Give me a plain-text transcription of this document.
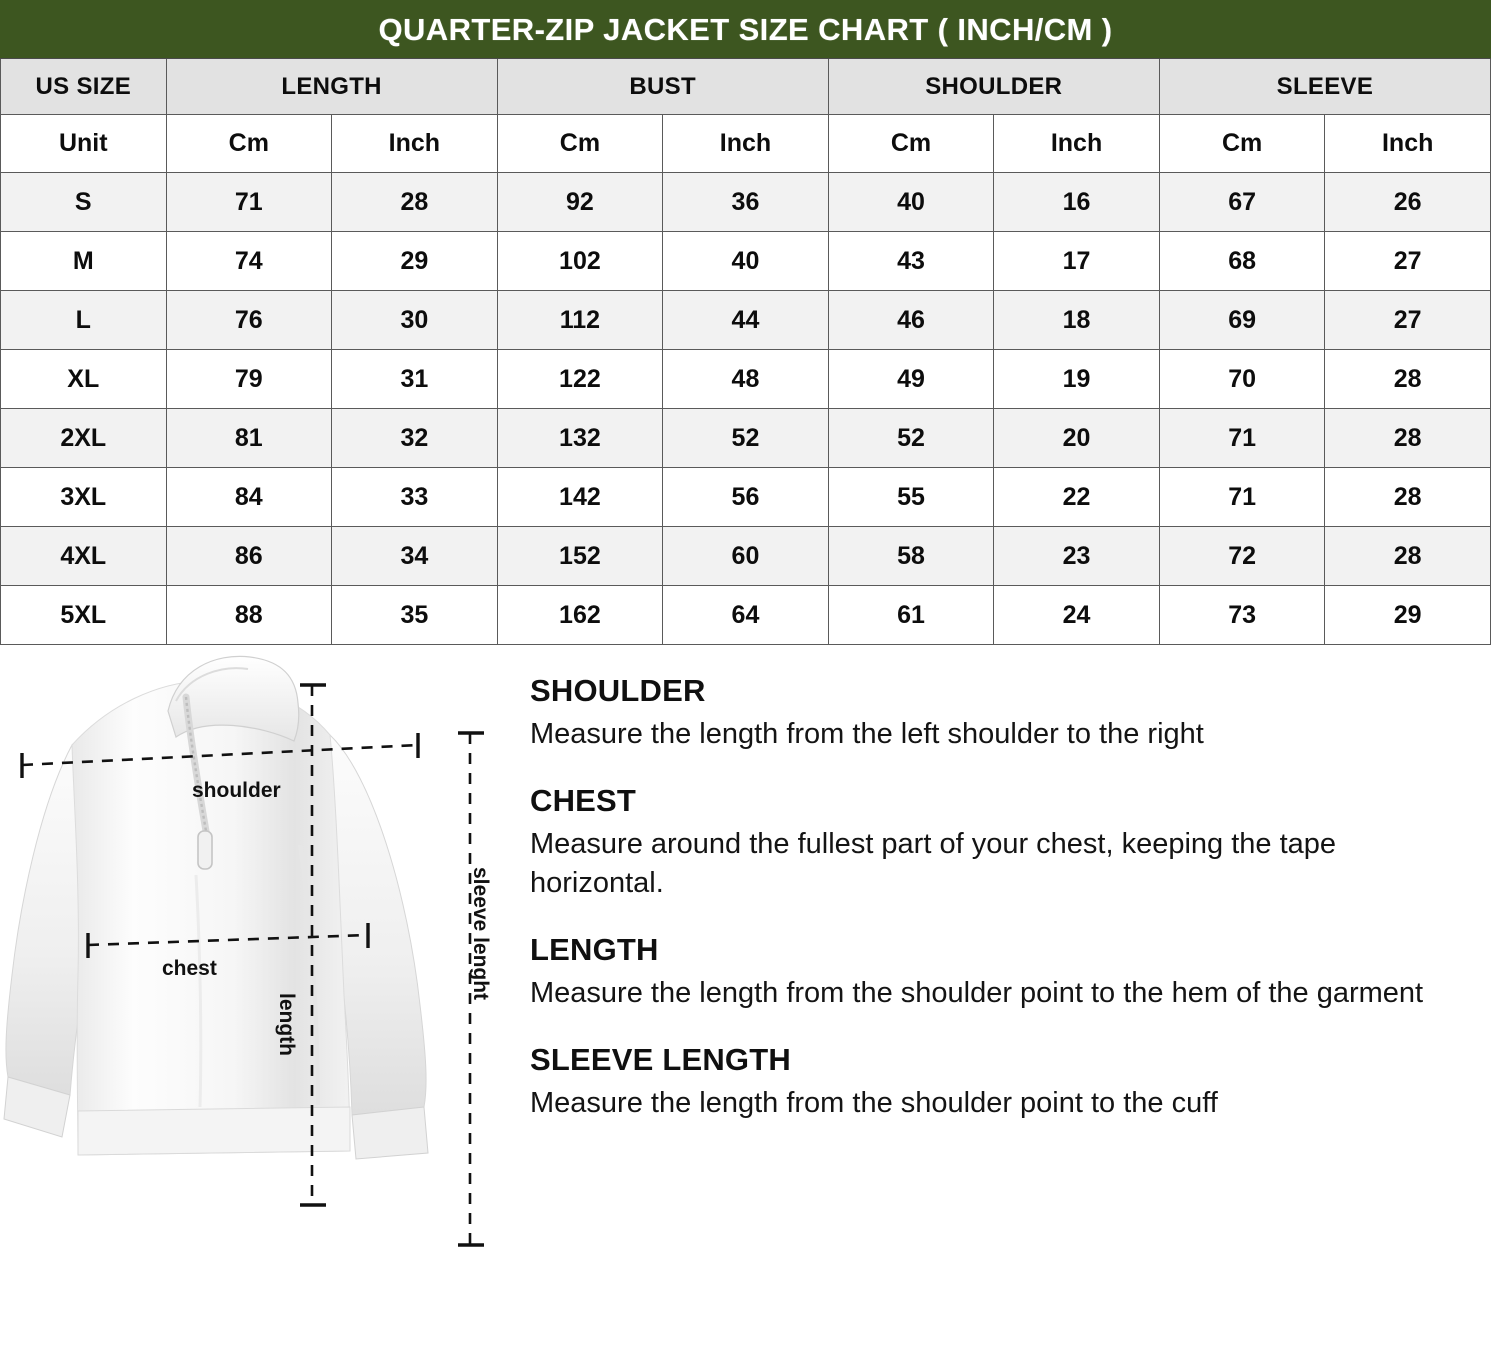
QUARTER-ZIP JACKET SIZE CHART ( INCH/CM )								
US SIZE	LENGTH		BUST		SHOULDER		SLEEVE	
Unit	Cm	Inch	Cm	Inch	Cm	Inch	Cm	Inch
S	71	28	92	36	40	16	67	26
M	74	29	102	40	43	17	68	27
L	76	30	112	44	46	18	69	27
XL	79	31	122	48	49	19	70	28
2XL	81	32	132	52	52	20	71	28
3XL	84	33	142	56	55	22	71	28
4XL	86	34	152	60	58	23	72	28
5XL	88	35	162	64	61	24	73	29
shoulder
chest
length
sleeve lenght
SHOULDER

Measure the length from the left shoulder to the right

CHEST

Measure around the fullest part of your chest, keeping the tape horizontal.

LENGTH

Measure the length from the shoulder point to the hem of the garment

SLEEVE LENGTH

Measure the length from the shoulder point to the cuff
